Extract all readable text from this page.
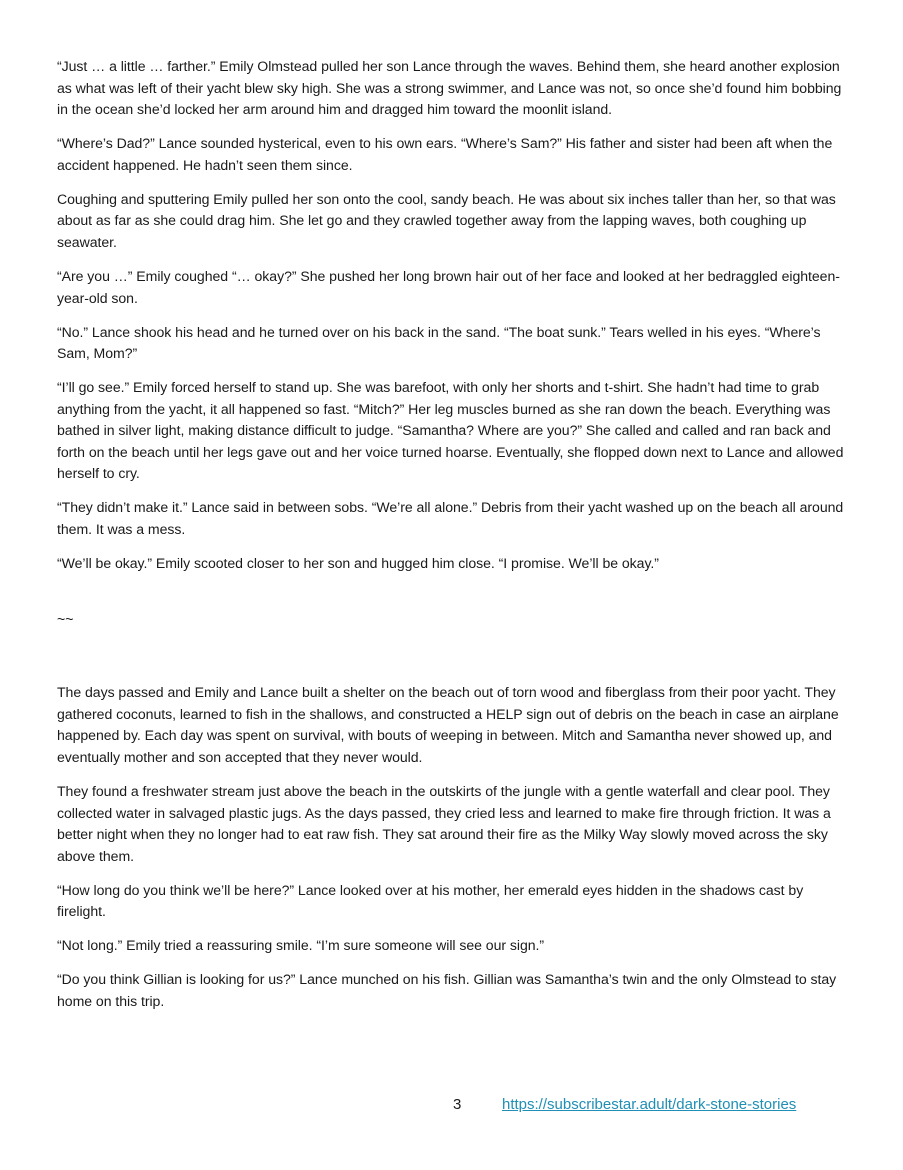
“Just … a little … farther.” Emily Olmstead pulled her son Lance through the waves. Behind them, she heard another explosion as what was left of their yacht blew sky high. She was a strong swimmer, and Lance was not, so once she’d found him bobbing in the ocean she’d locked her arm around him and dragged him toward the moonlit island.

“Where’s Dad?” Lance sounded hysterical, even to his own ears. “Where’s Sam?” His father and sister had been aft when the accident happened. He hadn’t seen them since.

Coughing and sputtering Emily pulled her son onto the cool, sandy beach. He was about six inches taller than her, so that was about as far as she could drag him. She let go and they crawled together away from the lapping waves, both coughing up seawater.

“Are you …” Emily coughed “… okay?” She pushed her long brown hair out of her face and looked at her bedraggled eighteen-year-old son.

“No.” Lance shook his head and he turned over on his back in the sand. “The boat sunk.” Tears welled in his eyes. “Where’s Sam, Mom?”

“I’ll go see.” Emily forced herself to stand up. She was barefoot, with only her shorts and t-shirt. She hadn’t had time to grab anything from the yacht, it all happened so fast. “Mitch?” Her leg muscles burned as she ran down the beach. Everything was bathed in silver light, making distance difficult to judge. “Samantha? Where are you?” She called and called and ran back and forth on the beach until her legs gave out and her voice turned hoarse. Eventually, she flopped down next to Lance and allowed herself to cry.

“They didn’t make it.” Lance said in between sobs. “We’re all alone.” Debris from their yacht washed up on the beach all around them. It was a mess.

“We’ll be okay.” Emily scooted closer to her son and hugged him close. “I promise. We’ll be okay.”

~~

The days passed and Emily and Lance built a shelter on the beach out of torn wood and fiberglass from their poor yacht. They gathered coconuts, learned to fish in the shallows, and constructed a HELP sign out of debris on the beach in case an airplane happened by. Each day was spent on survival, with bouts of weeping in between. Mitch and Samantha never showed up, and eventually mother and son accepted that they never would.

They found a freshwater stream just above the beach in the outskirts of the jungle with a gentle waterfall and clear pool. They collected water in salvaged plastic jugs. As the days passed, they cried less and learned to make fire through friction. It was a better night when they no longer had to eat raw fish. They sat around their fire as the Milky Way slowly moved across the sky above them.

“How long do you think we’ll be here?” Lance looked over at his mother, her emerald eyes hidden in the shadows cast by firelight.

“Not long.” Emily tried a reassuring smile. “I’m sure someone will see our sign.”

“Do you think Gillian is looking for us?” Lance munched on his fish. Gillian was Samantha’s twin and the only Olmstead to stay home on this trip.

3	https://subscribestar.adult/dark-stone-stories
